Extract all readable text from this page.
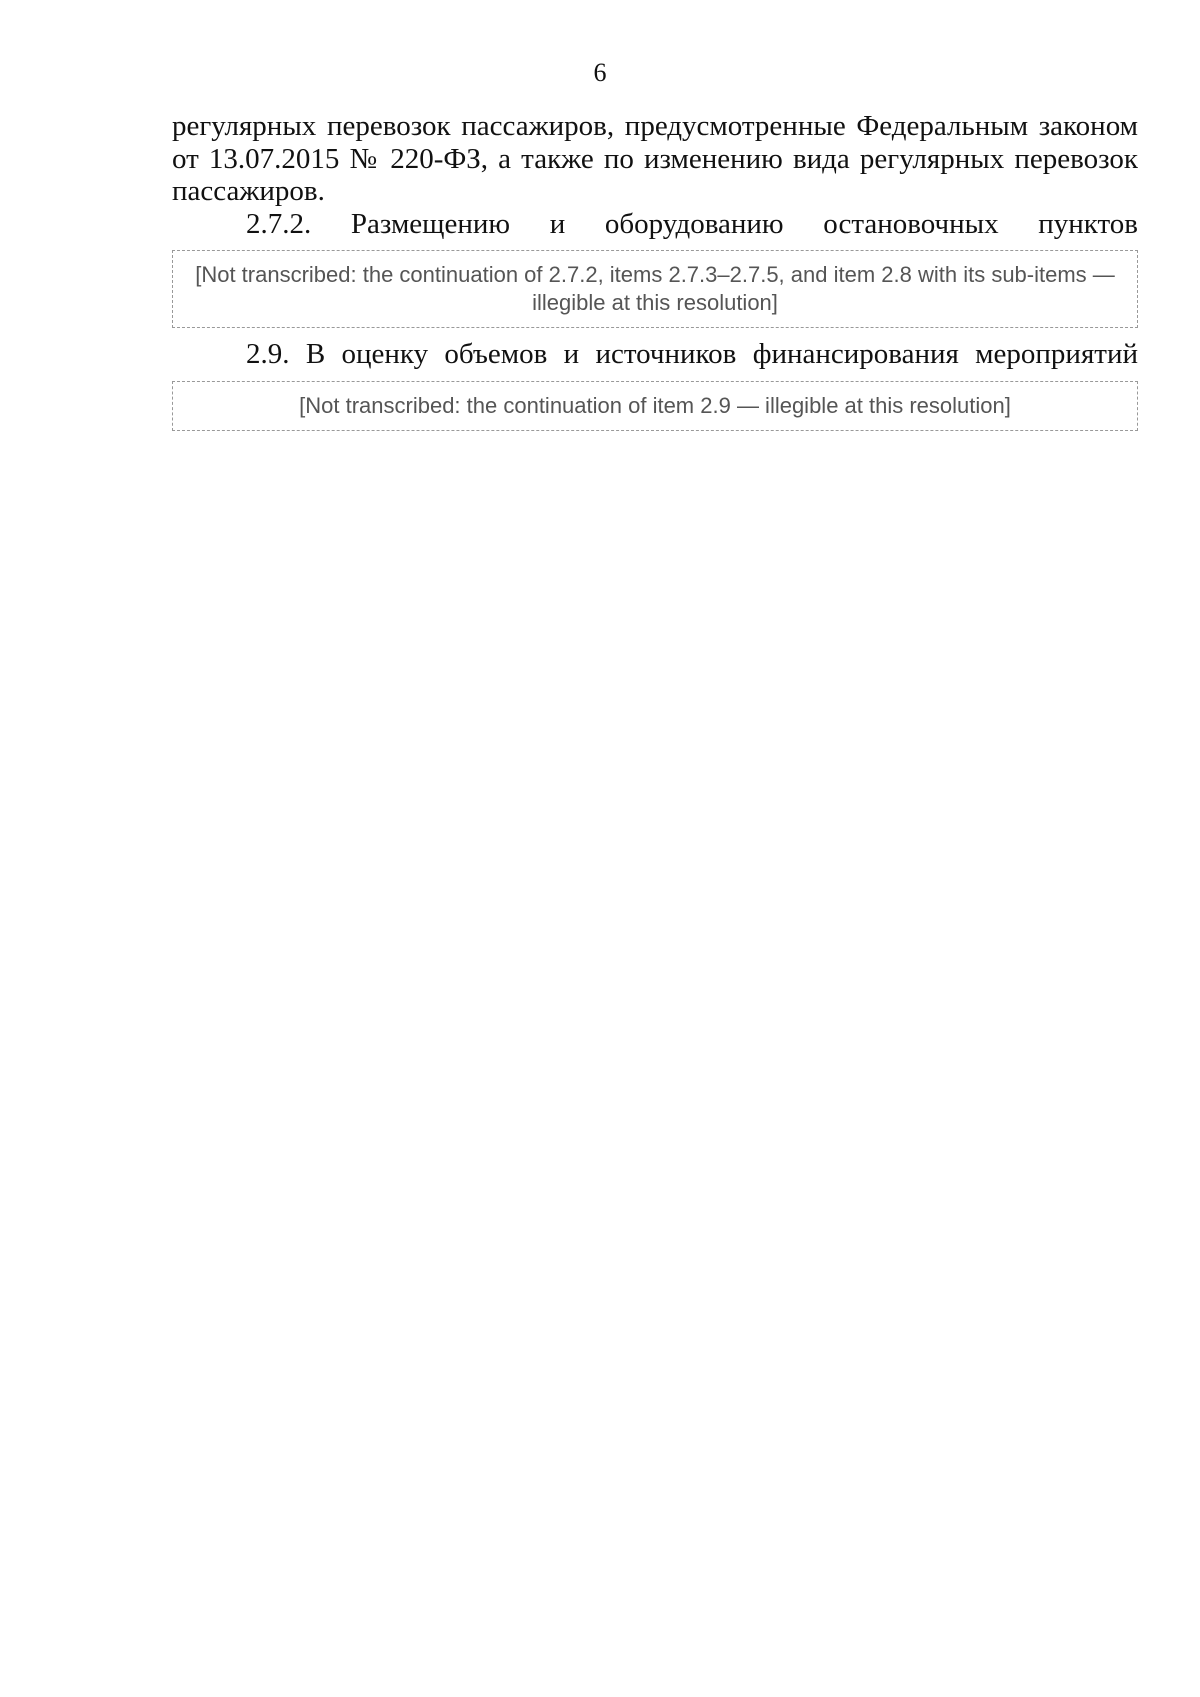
6
регулярных перевозок пассажиров, предусмотренные Федеральным законом
от 13.07.2015 № 220-ФЗ, а также по изменению вида регулярных перевозок
пассажиров.
2.7.2. Размещению и оборудованию остановочных пунктов
[Not transcribed: the continuation of 2.7.2, items 2.7.3–2.7.5, and item 2.8 with its sub-items — illegible at this resolution]
2.9. В оценку объемов и источников финансирования мероприятий
[Not transcribed: the continuation of item 2.9 — illegible at this resolution]
